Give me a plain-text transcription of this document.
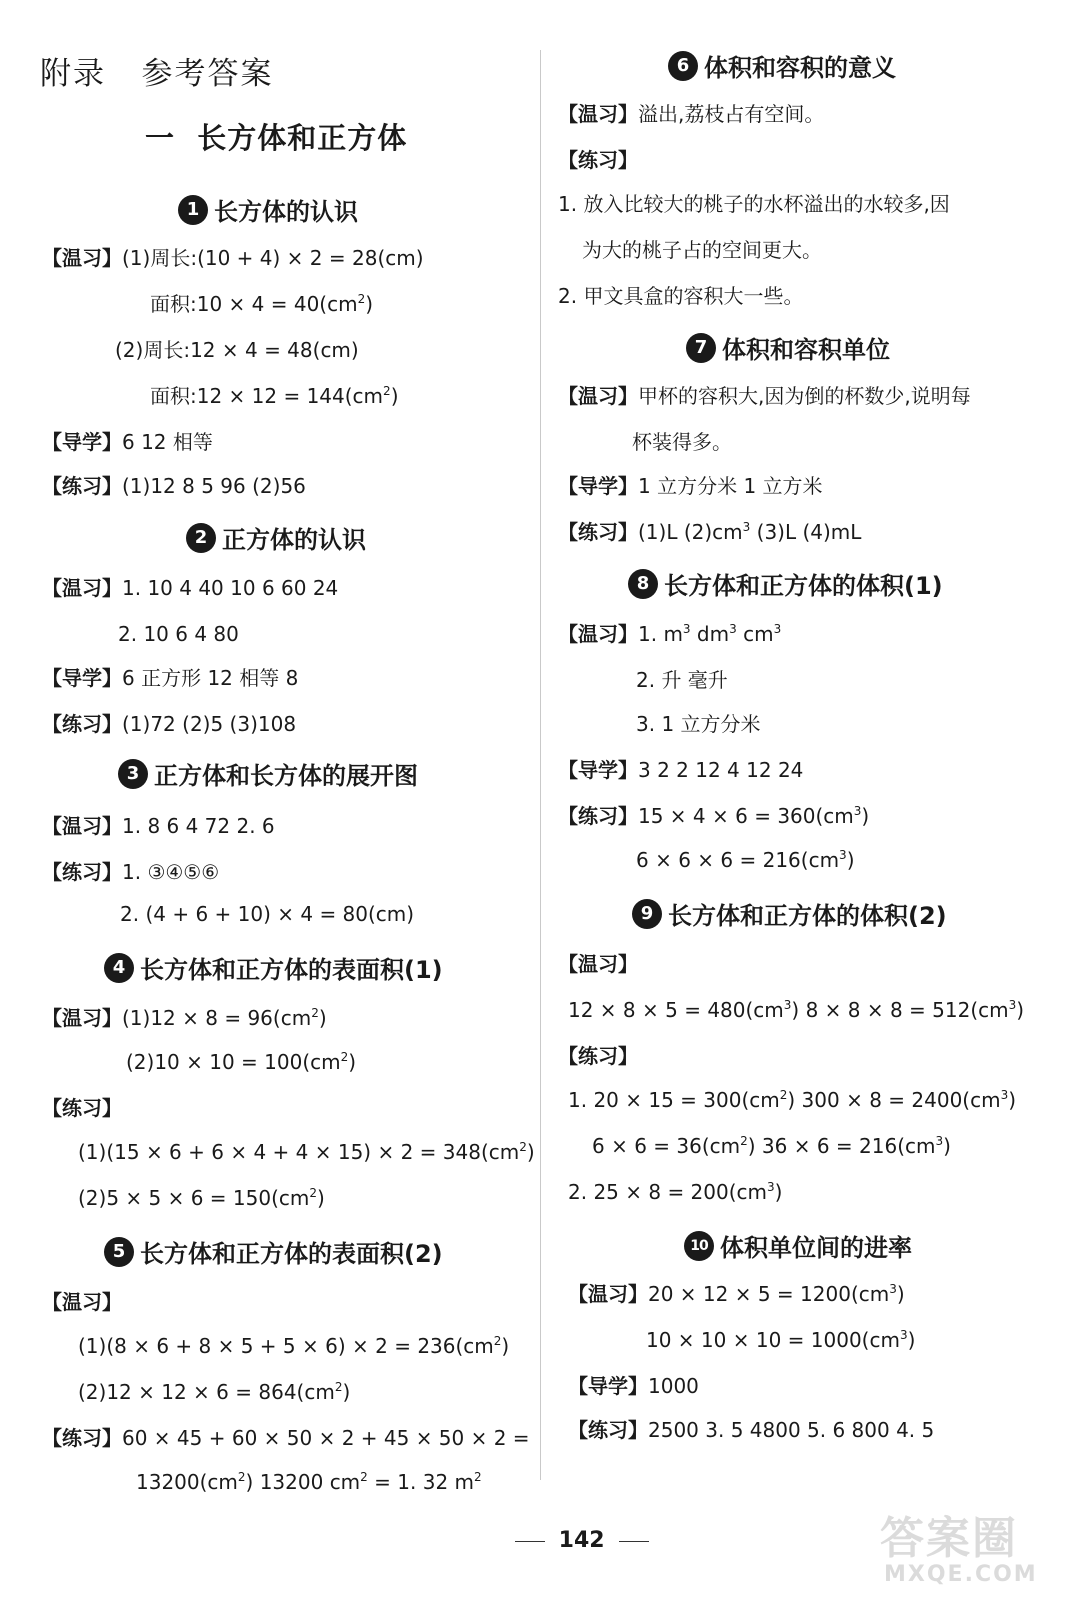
附录   参考答案
一  长方体和正方体
1 长方体的认识
【温习】(1)周长:(10 + 4) × 2 = 28(cm)
面积:10 × $4 = 40(cm^2)$
(2)周长:12 × 4 = 48(cm)
面积:12 × $12 = 144(cm^2)$
【导学】6 12 相等
【练习】(1)12 8 5 96 (2)56
2 正方体的认识
【温习】1. 10 4 40 10 6 60 24
2. 10 6 4 80
【导学】6 正方形 12 相等 8
【练习】(1)72 (2)5 (3)108
3 正方体和长方体的展开图
【温习】1. 8 6 4 72 2. 6
【练习】1. ③④⑤⑥
2. (4 + 6 + 10) × 4 = 80(cm)
4 长方体和正方体的表面积(1)
【温习】$(1)12 \times 8 = 96(cm^2)$
$(2)10 \times 10 = 100(cm^2)$
【练习】
$(1)(15 \times 6 + 6 \times 4 + 4 \times 15) \times 2 = 348(cm^2)$
$(2)5 \times 5 \times 6 = 150(cm^2)$
5 长方体和正方体的表面积(2)
【温习】
$(1)(8 \times 6 + 8 \times 5 + 5 \times 6) \times 2 = 236(cm^2)$
$(2)12 \times 12 \times 6 = 864(cm^2)$
【练习】60 × 45 + 60 × 50 × 2 + 45 × 50 × 2 =
$13200(cm^2)$ 13200 $cm^2 = 1$. 32 $m^2$
6 体积和容积的意义
【温习】溢出,荔枝占有空间。
【练习】
1. 放入比较大的桃子的水杯溢出的水较多,因
为大的桃子占的空间更大。
2. 甲文具盒的容积大一些。
7 体积和容积单位
【温习】甲杯的容积大,因为倒的杯数少,说明每
杯装得多。
【导学】1 立方分米 1 立方米
【练习】(1)L $(2)cm^3$ (3)L (4)mL
8 长方体和正方体的体积(1)
【温习】1. $m^3$ $dm^3$ $cm^3$
2. 升 毫升
3. 1 立方分米
【导学】3 2 2 12 4 12 24
【练习】$15 \times 4 \times 6 = 360(cm^3)$
$6 \times 6 \times 6 = 216(cm^3)$
9 长方体和正方体的体积(2)
【温习】
$12 \times 8 \times 5 = 480(cm^3) 8 \times 8 \times 8 = 512(cm^3)$
【练习】
1. $20 \times 15 = 300(cm^2) 300 \times 8 = 2400(cm^3)$
$6 \times 6 = 36(cm^2) 36 \times 6 = 216(cm^3)$
2. $25 \times 8 = 200(cm^3)$
10 体积单位间的进率
【温习】$20 \times 12 \times 5 = 1200(cm^3)$
$10 \times 10 \times 10 = 1000(cm^3)$
【导学】1000
【练习】2500 3. 5 4800 5. 6 800 4. 5

142
	答案圈
MXQE.COM
